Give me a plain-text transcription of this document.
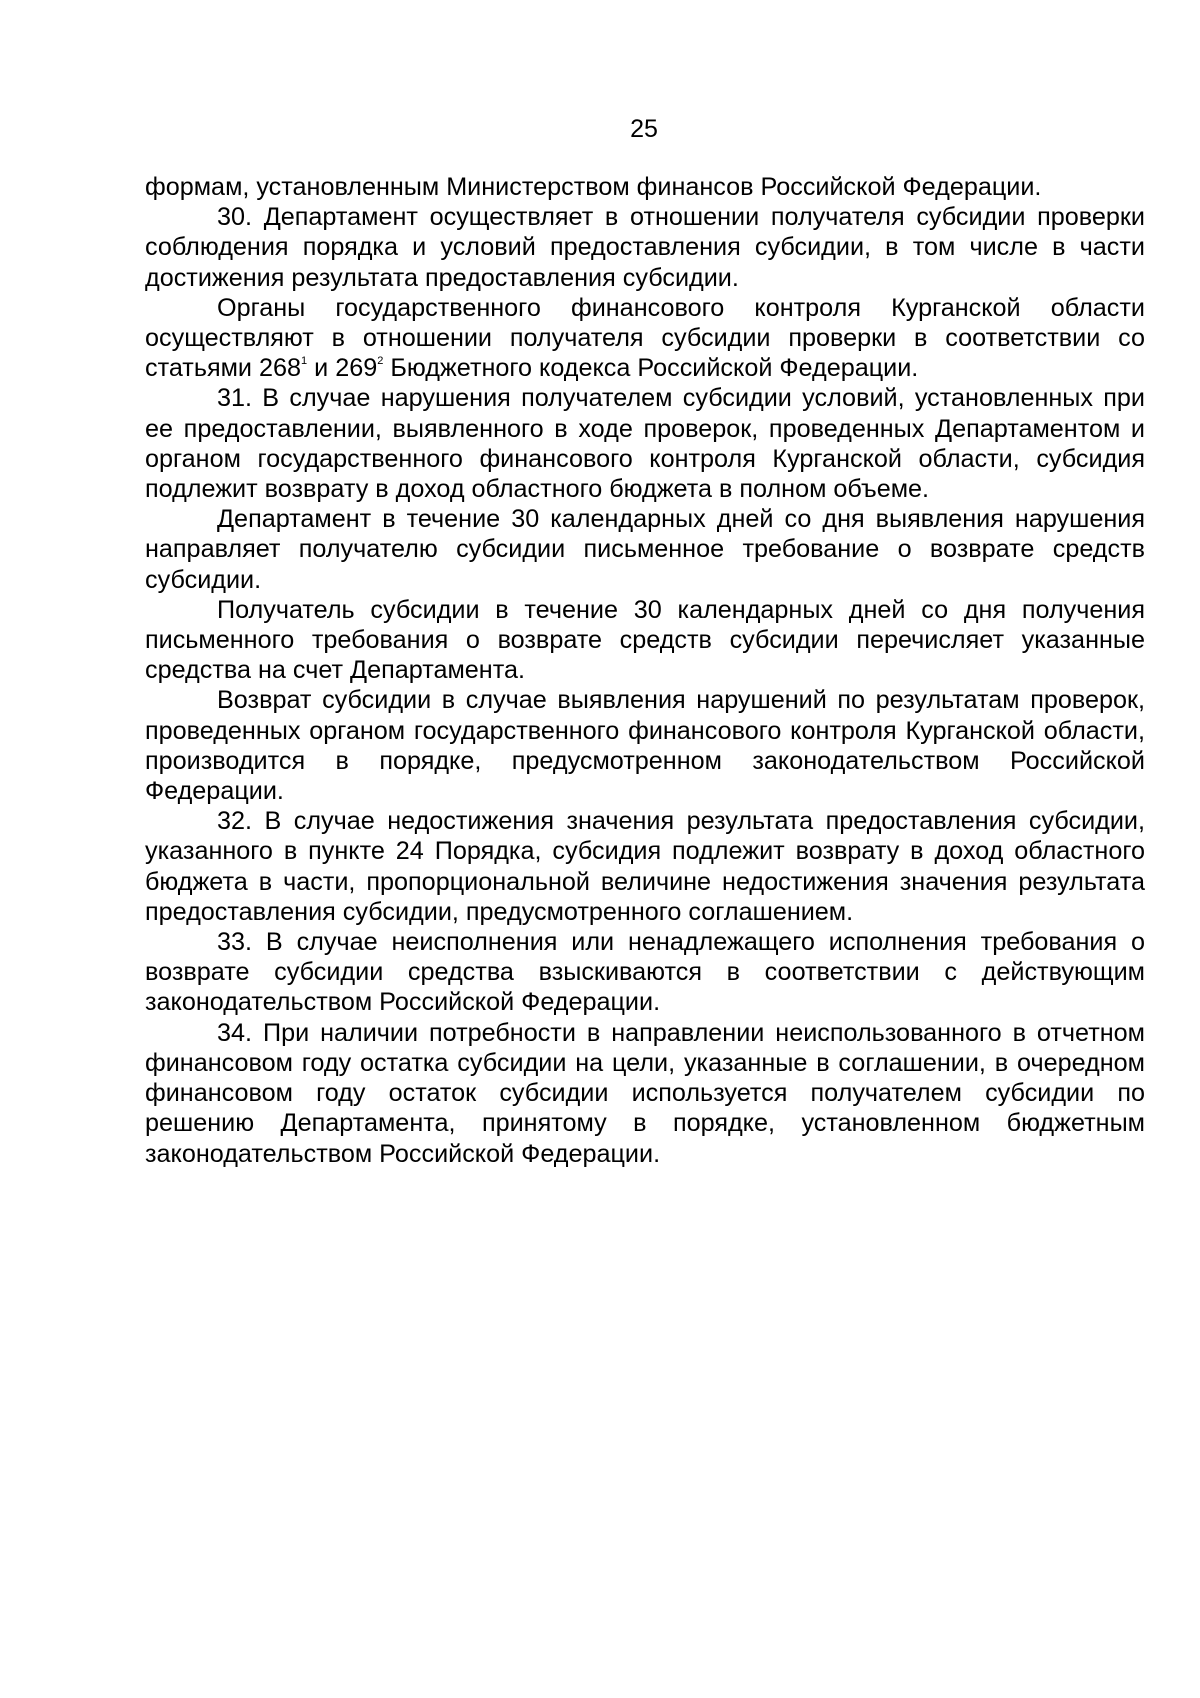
25

формам, установленным Министерством финансов Российской Федерации.

30. Департамент осуществляет в отношении получателя субсидии проверки соблюдения порядка и условий предоставления субсидии, в том числе в части достижения результата предоставления субсидии.

Органы государственного финансового контроля Курганской области осуществляют в отношении получателя субсидии проверки в соответствии со статьями $268^1$ и $269^2$ Бюджетного кодекса Российской Федерации.

31. В случае нарушения получателем субсидии условий, установленных при ее предоставлении, выявленного в ходе проверок, проведенных Департаментом и органом государственного финансового контроля Курганской области, субсидия подлежит возврату в доход областного бюджета в полном объеме.

Департамент в течение 30 календарных дней со дня выявления нарушения направляет получателю субсидии письменное требование о возврате средств субсидии.

Получатель субсидии в течение 30 календарных дней со дня получения письменного требования о возврате средств субсидии перечисляет указанные средства на счет Департамента.

Возврат субсидии в случае выявления нарушений по результатам проверок, проведенных органом государственного финансового контроля Курганской области, производится в порядке, предусмотренном законодательством Российской Федерации.

32. В случае недостижения значения результата предоставления субсидии, указанного в пункте 24 Порядка, субсидия подлежит возврату в доход областного бюджета в части, пропорциональной величине недостижения значения результата предоставления субсидии, предусмотренного соглашением.

33. В случае неисполнения или ненадлежащего исполнения требования о возврате субсидии средства взыскиваются в соответствии с действующим законодательством Российской Федерации.

34. При наличии потребности в направлении неиспользованного в отчетном финансовом году остатка субсидии на цели, указанные в соглашении, в очередном финансовом году остаток субсидии используется получателем субсидии по решению Департамента, принятому в порядке, установленном бюджетным законодательством Российской Федерации.
